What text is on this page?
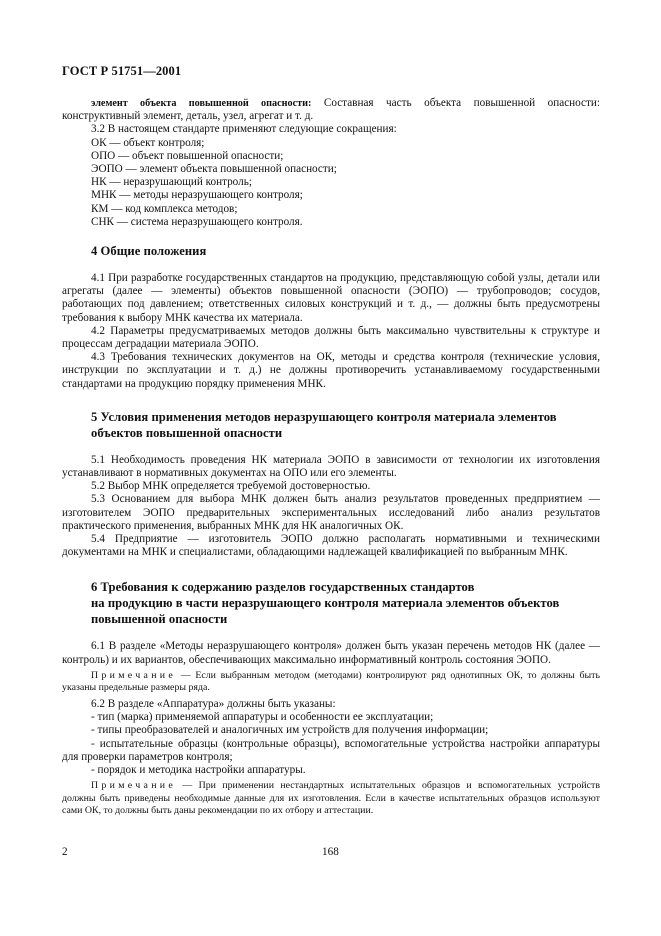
ГОСТ Р 51751—2001

элемент объекта повышенной опасности: Составная часть объекта повышенной опасности: конструктивный элемент, деталь, узел, агрегат и т. д.

3.2 В настоящем стандарте применяют следующие сокращения:

ОК — объект контроля;

ОПО — объект повышенной опасности;

ЭОПО — элемент объекта повышенной опасности;

НК — неразрушающий контроль;

МНК — методы неразрушающего контроля;

КМ — код комплекса методов;

СНК — система неразрушающего контроля.

4 Общие положения

4.1 При разработке государственных стандартов на продукцию, представляющую собой узлы, детали или агрегаты (далее — элементы) объектов повышенной опасности (ЭОПО) — трубопроводов; сосудов, работающих под давлением; ответственных силовых конструкций и т. д., — должны быть предусмотрены требования к выбору МНК качества их материала.

4.2 Параметры предусматриваемых методов должны быть максимально чувствительны к структуре и процессам деградации материала ЭОПО.

4.3 Требования технических документов на ОК, методы и средства контроля (технические условия, инструкции по эксплуатации и т. д.) не должны противоречить устанавливаемому государственными стандартами на продукцию порядку применения МНК.

5 Условия применения методов неразрушающего контроля материала элементов
объектов повышенной опасности

5.1 Необходимость проведения НК материала ЭОПО в зависимости от технологии их изготовления устанавливают в нормативных документах на ОПО или его элементы.

5.2 Выбор МНК определяется требуемой достоверностью.

5.3 Основанием для выбора МНК должен быть анализ результатов проведенных предприятием — изготовителем ЭОПО предварительных экспериментальных исследований либо анализ результатов практического применения, выбранных МНК для НК аналогичных ОК.

5.4 Предприятие — изготовитель ЭОПО должно располагать нормативными и техническими документами на МНК и специалистами, обладающими надлежащей квалификацией по выбранным МНК.

6 Требования к содержанию разделов государственных стандартов
на продукцию в части неразрушающего контроля материала элементов объектов
повышенной опасности

6.1 В разделе «Методы неразрушающего контроля» должен быть указан перечень методов НК (далее — контроль) и их вариантов, обеспечивающих максимально информативный контроль состояния ЭОПО.

Примечание — Если выбранным методом (методами) контролируют ряд однотипных ОК, то должны быть указаны предельные размеры ряда.

6.2 В разделе «Аппаратура» должны быть указаны:

- тип (марка) применяемой аппаратуры и особенности ее эксплуатации;

- типы преобразователей и аналогичных им устройств для получения информации;

- испытательные образцы (контрольные образцы), вспомогательные устройства настройки аппаратуры для проверки параметров контроля;

- порядок и методика настройки аппаратуры.

Примечание — При применении нестандартных испытательных образцов и вспомогательных устройств должны быть приведены необходимые данные для их изготовления. Если в качестве испытательных образцов используют сами ОК, то должны быть даны рекомендации по их отбору и аттестации.

2	168
